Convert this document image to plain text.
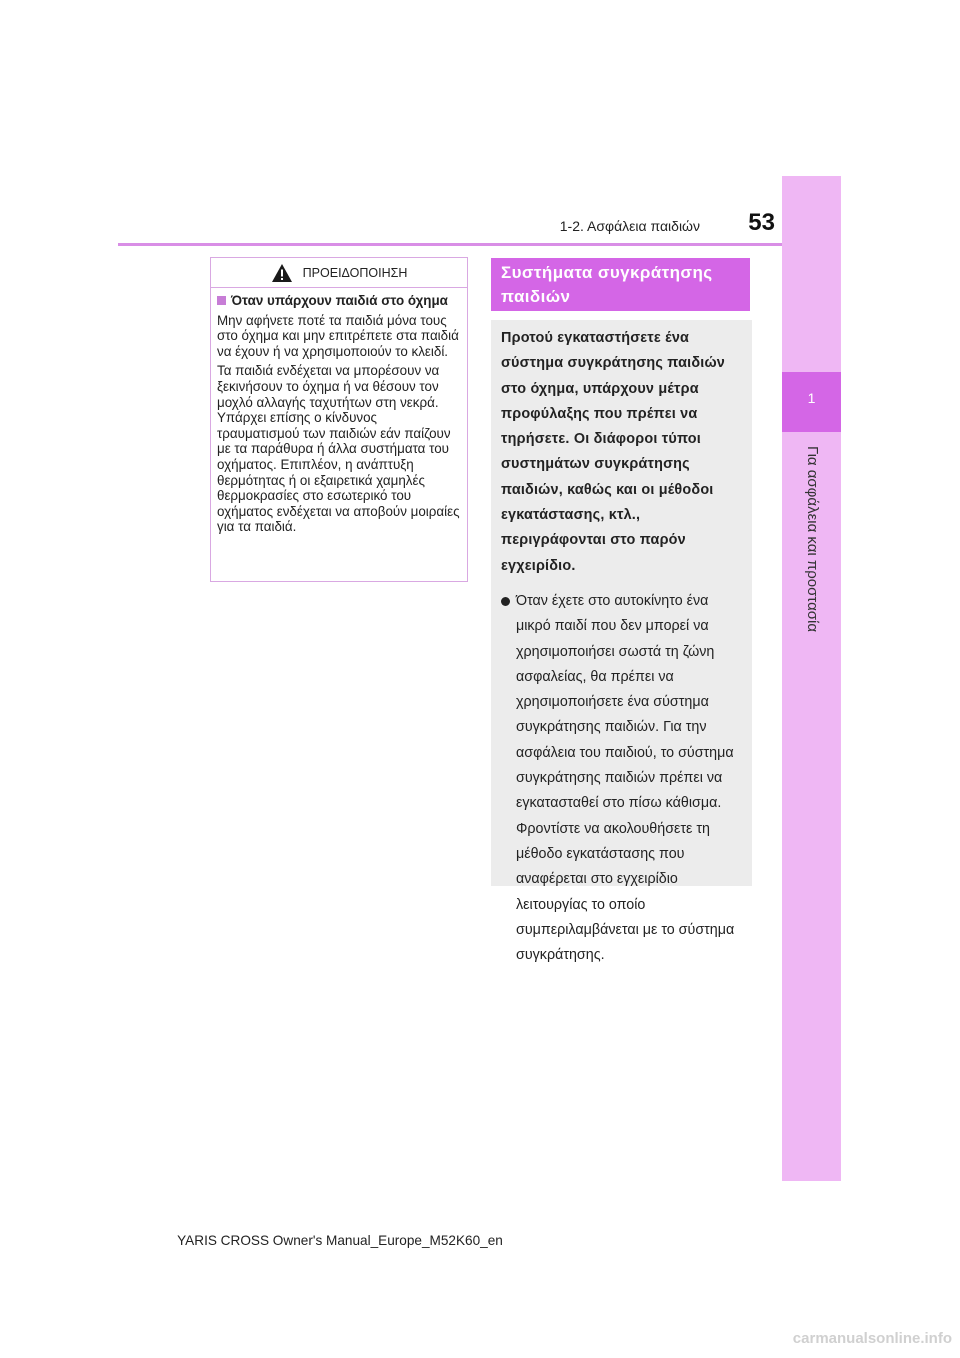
1-2. Ασφάλεια παιδιών	53
1
Για ασφάλεια και προστασία
ΠΡΟΕΙΔΟΠΟΙΗΣΗ
Όταν υπάρχουν παιδιά στο όχημα

Μην αφήνετε ποτέ τα παιδιά μόνα τους στο όχημα και μην επιτρέπετε στα παιδιά να έχουν ή να χρησιμοποιούν το κλειδί.

Τα παιδιά ενδέχεται να μπορέσουν να ξεκινήσουν το όχημα ή να θέσουν τον μοχλό αλλαγής ταχυτήτων στη νεκρά. Υπάρχει επίσης ο κίνδυνος τραυματισμού των παιδιών εάν παίζουν με τα παράθυρα ή άλλα συστήματα του οχήματος. Επιπλέον, η ανάπτυξη θερμότητας ή οι εξαιρετικά χαμηλές θερμοκρασίες στο εσωτερικό του οχήματος ενδέχεται να αποβούν μοιραίες για τα παιδιά.

Συστήματα συγκράτησης παιδιών

Προτού εγκαταστήσετε ένα σύστημα συγκράτησης παιδιών στο όχημα, υπάρχουν μέτρα προφύλαξης που πρέπει να τηρήσετε. Οι διάφοροι τύποι συστημάτων συγκράτησης παιδιών, καθώς και οι μέθοδοι εγκατάστασης, κτλ., περιγράφονται στο παρόν εγχειρίδιο.

Όταν έχετε στο αυτοκίνητο ένα μικρό παιδί που δεν μπορεί να χρησιμοποιήσει σωστά τη ζώνη ασφαλείας, θα πρέπει να χρησιμοποιήσετε ένα σύστημα συγκράτησης παιδιών. Για την ασφάλεια του παιδιού, το σύστημα συγκράτησης παιδιών πρέπει να εγκατασταθεί στο πίσω κάθισμα. Φροντίστε να ακολουθήσετε τη μέθοδο εγκατάστασης που αναφέρεται στο εγχειρίδιο λειτουργίας το οποίο συμπεριλαμβάνεται με το σύστημα συγκράτησης.
YARIS CROSS Owner's Manual_Europe_M52K60_en
carmanualsonline.info
